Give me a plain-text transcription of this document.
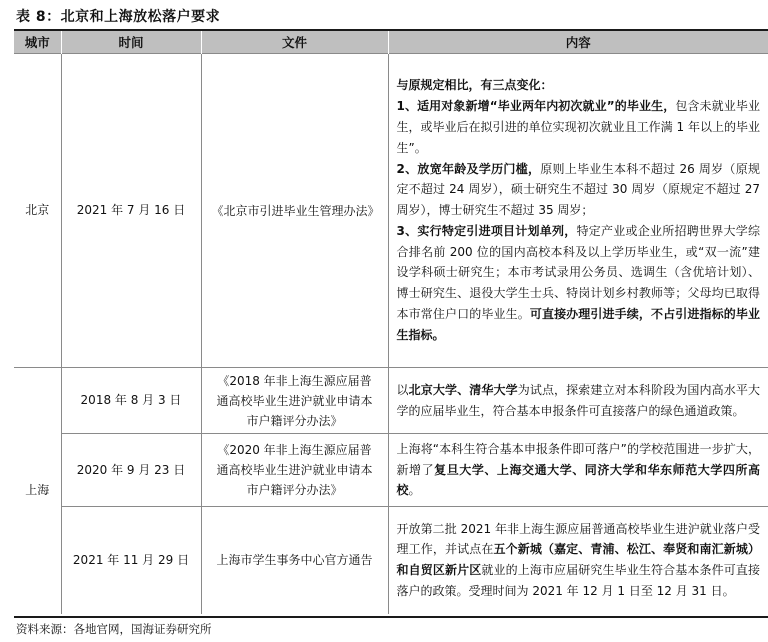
表 8：北京和上海放松落户要求
城市	时间	文件	内容
北京	2021 年 7 月 16 日	《北京市引进毕业生管理办法》	与原规定相比，有三点变化：
1、适用对象新增“毕业两年内初次就业”的毕业生，包含未就业毕业生，或毕业后在拟引进的单位实现初次就业且工作满 1 年以上的毕业生”。
2、放宽年龄及学历门槛，原则上毕业生本科不超过 26 周岁（原规定不超过 24 周岁），硕士研究生不超过 30 周岁（原规定不超过 27 周岁），博士研究生不超过 35 周岁；
3、实行特定引进项目计划单列，特定产业或企业所招聘世界大学综合排名前 200 位的国内高校本科及以上学历毕业生，或“双一流”建设学科硕士研究生；本市考试录用公务员、选调生（含优培计划）、博士研究生、退役大学生士兵、特岗计划乡村教师等；父母均已取得本市常住户口的毕业生。可直接办理引进手续，不占引进指标的毕业生指标。

上海	2018 年 8 月 3 日	《2018 年非上海生源应届普通高校毕业生进沪就业申请本市户籍评分办法》	以北京大学、清华大学为试点，探索建立对本科阶段为国内高水平大学的应届毕业生，符合基本申报条件可直接落户的绿色通道政策。
	2020 年 9 月 23 日	《2020 年非上海生源应届普通高校毕业生进沪就业申请本市户籍评分办法》	上海将“本科生符合基本申报条件即可落户”的学校范围进一步扩大，新增了复旦大学、上海交通大学、同济大学和华东师范大学四所高校。
	2021 年 11 月 29 日	上海市学生事务中心官方通告	开放第二批 2021 年非上海生源应届普通高校毕业生进沪就业落户受理工作，并试点在五个新城（嘉定、青浦、松江、奉贤和南汇新城）和自贸区新片区就业的上海市应届研究生毕业生符合基本条件可直接落户的政策。受理时间为 2021 年 12 月 1 日至 12 月 31 日。
资料来源：各地官网，国海证券研究所
